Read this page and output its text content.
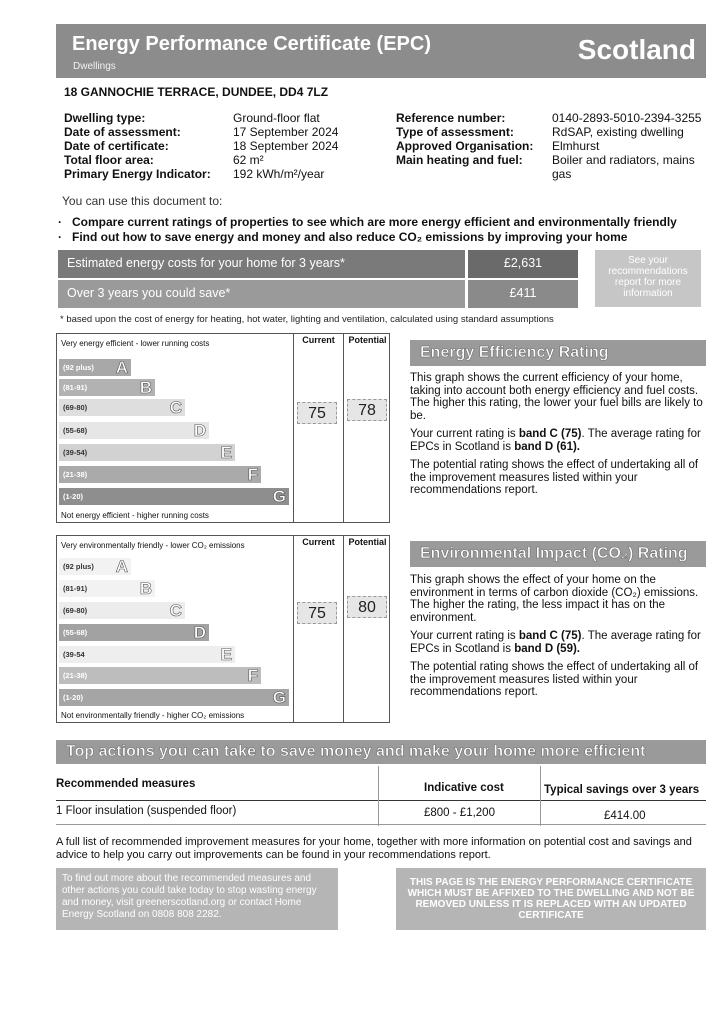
Energy Performance Certificate (EPC)
Dwellings
Scotland
18 GANNOCHIE TERRACE, DUNDEE, DD4 7LZ
Dwelling type:	Ground-floor flat
Date of assessment:	17 September 2024
Date of certificate:	18 September 2024
Total floor area:	62 m²
Primary Energy Indicator:	192 kWh/m²/year
Reference number:	0140-2893-5010-2394-3255
Type of assessment:	RdSAP, existing dwelling
Approved Organisation:	Elmhurst
Main heating and fuel:	Boiler and radiators, mains gas
You can use this document to:
· Compare current ratings of properties to see which are more energy efficient and environmentally friendly
· Find out how to save energy and money and also reduce CO₂ emissions by improving your home
Estimated energy costs for your home for 3 years*	£2,631
Over 3 years you could save*	£411
See your recommendations report for more information
* based upon the cost of energy for heating, hot water, lighting and ventilation, calculated using standard assumptions
Very energy efficient - lower running costs	Current	Potential
(92 plus) A
(81-91)	B
(69-80)	C
(55-68)	D
(39-54)	E
(21-38)	F
(1-20)	G
75	78
Not energy efficient - higher running costs
Energy Efficiency Rating

This graph shows the current efficiency of your home, taking into account both energy efficiency and fuel costs. The higher this rating, the lower your fuel bills are likely to be.

Your current rating is band C (75). The average rating for EPCs in Scotland is band D (61).

The potential rating shows the effect of undertaking all of the improvement measures listed within your recommendations report.

Very environmentally friendly - lower CO₂ emissions	Current	Potential
(92 plus) A
(81-91)	B
(69-80)	C
(55-68)	D
(39-54	E
(21-38)	F
(1-20)	G
75	80
Not environmentally friendly - higher CO₂ emissions
Environmental Impact (CO₂) Rating

This graph shows the effect of your home on the environment in terms of carbon dioxide (CO₂) emissions. The higher the rating, the less impact it has on the environment.

Your current rating is band C (75). The average rating for EPCs in Scotland is band D (59).

The potential rating shows the effect of undertaking all of the improvement measures listed within your recommendations report.

Top actions you can take to save money and make your home more efficient
Recommended measures	Indicative cost	Typical savings over 3 years
1 Floor insulation (suspended floor)	£800 - £1,200	£414.00
A full list of recommended improvement measures for your home, together with more information on potential cost and savings and advice to help you carry out improvements can be found in your recommendations report.
To find out more about the recommended measures and other actions you could take today to stop wasting energy and money, visit greenerscotland.org or contact Home Energy Scotland on 0808 808 2282.
THIS PAGE IS THE ENERGY PERFORMANCE CERTIFICATE WHICH MUST BE AFFIXED TO THE DWELLING AND NOT BE REMOVED UNLESS IT IS REPLACED WITH AN UPDATED CERTIFICATE
